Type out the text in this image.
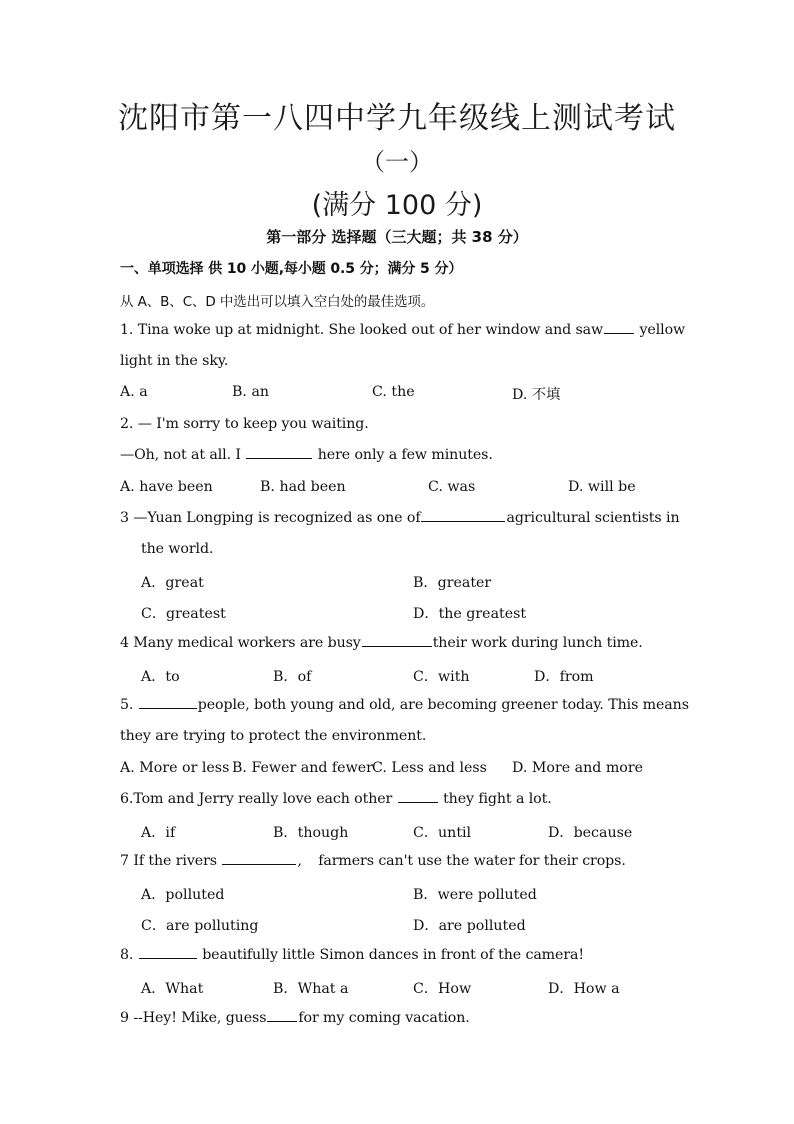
沈阳市第一八四中学九年级线上测试考试
（一）
(满分 100 分)
第一部分 选择题（三大题；共 38 分）
一、单项选择 供 10 小题,每小题 0.5 分；满分 5 分）
从 A、B、C、D 中选出可以填入空白处的最佳选项。
1. Tina woke up at midnight. She looked out of her window and saw	yellow
light in the sky.
A. a	B. an	C. the	D. 不填
2. — I'm sorry to keep you waiting.
—Oh, not at all. I	here only a few minutes.
A. have been	B. had been	C. was	D. will be
3 —Yuan Longping is recognized as one of	agricultural scientists in
the world.
A．great	B．greater
C．greatest	D．the greatest
4 Many medical workers are busy	their work during lunch time.
A．to	B．of	C．with	D．from
5.	people, both young and old, are becoming greener today. This means
they are trying to protect the environment.
A. More or less B. Fewer and fewer C. Less and less D. More and more
6.Tom and Jerry really love each other	they fight a lot.
A．if	B．though	C．until	D．because
7 If the rivers	, farmers can't use the water for their crops.
A．polluted	B．were polluted
C．are polluting	D．are polluted
8.	beautifully little Simon dances in front of the camera!
A．What	B．What a	C．How	D．How a
9 --Hey! Mike, guess for my coming vacation.
